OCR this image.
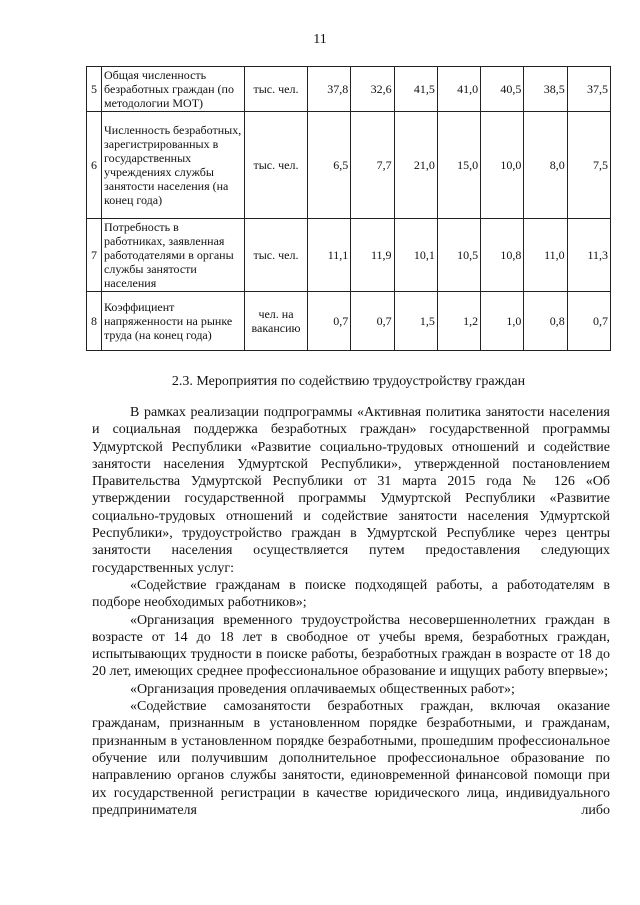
11
5	Общая численность безработных граждан (по методологии МОТ)	тыс. чел.	37,8	32,6	41,5	41,0	40,5	38,5	37,5
6	Численность безработных, зарегистрированных в государственных учреждениях службы занятости населения (на конец года)	тыс. чел.	6,5	7,7	21,0	15,0	10,0	8,0	7,5
7	Потребность в работниках, заявленная работодателями в органы службы занятости населения	тыс. чел.	11,1	11,9	10,1	10,5	10,8	11,0	11,3
8	Коэффициент напряженности на рынке труда (на конец года)	чел. на вакансию	0,7	0,7	1,5	1,2	1,0	0,8	0,7
2.3. Мероприятия по содействию трудоустройству граждан

В рамках реализации подпрограммы «Активная политика занятости населения и социальная поддержка безработных граждан» государственной программы Удмуртской Республики «Развитие социально-трудовых отношений и содействие занятости населения Удмуртской Республики», утвержденной постановлением Правительства Удмуртской Республики от 31 марта 2015 года № 126 «Об утверждении государственной программы Удмуртской Республики «Развитие социально-трудовых отношений и содействие занятости населения Удмуртской Республики», трудоустройство граждан в Удмуртской Республике через центры занятости населения осуществляется путем предоставления следующих государственных услуг:

«Содействие гражданам в поиске подходящей работы, а работодателям в подборе необходимых работников»;

«Организация временного трудоустройства несовершеннолетних граждан в возрасте от 14 до 18 лет в свободное от учебы время, безработных граждан, испытывающих трудности в поиске работы, безработных граждан в возрасте от 18 до 20 лет, имеющих среднее профессиональное образование и ищущих работу впервые»;

«Организация проведения оплачиваемых общественных работ»;

«Содействие самозанятости безработных граждан, включая оказание гражданам, признанным в установленном порядке безработными, и гражданам, признанным в установленном порядке безработными, прошедшим профессиональное обучение или получившим дополнительное профессиональное образование по направлению органов службы занятости, единовременной финансовой помощи при их государственной регистрации в качестве юридического лица, индивидуального предпринимателя либо
